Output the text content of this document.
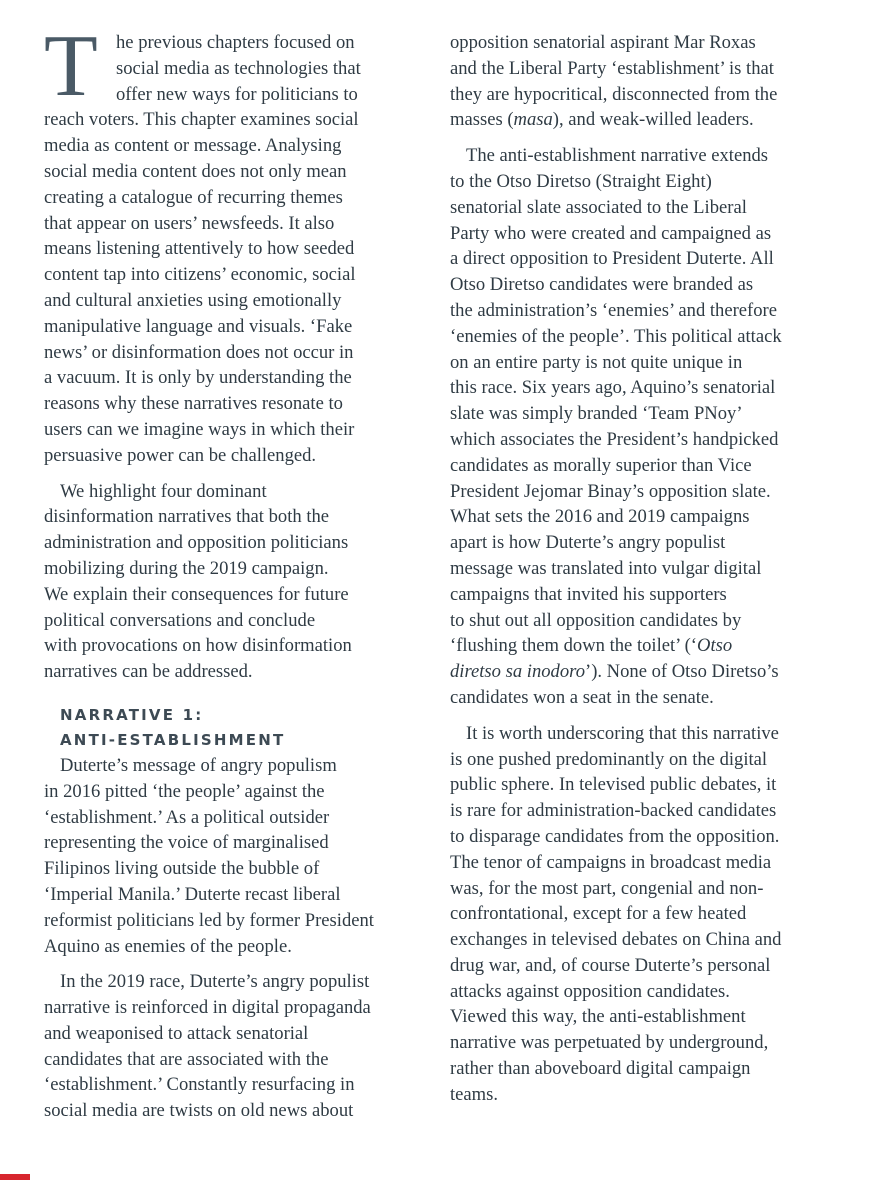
T he previous chapters focused on
social media as technologies that
offer new ways for politicians to
reach voters. This chapter examines social
media as content or message. Analysing
social media content does not only mean
creating a catalogue of recurring themes
that appear on users’ newsfeeds. It also
means listening attentively to how seeded
content tap into citizens’ economic, social
and cultural anxieties using emotionally
manipulative language and visuals. ‘Fake
news’ or disinformation does not occur in
a vacuum. It is only by understanding the
reasons why these narratives resonate to
users can we imagine ways in which their
persuasive power can be challenged.
We highlight four dominant
disinformation narratives that both the
administration and opposition politicians
mobilizing during the 2019 campaign.
We explain their consequences for future
political conversations and conclude
with provocations on how disinformation
narratives can be addressed.
NARRATIVE 1:
ANTI-ESTABLISHMENT
Duterte’s message of angry populism
in 2016 pitted ‘the people’ against the
‘establishment.’ As a political outsider
representing the voice of marginalised
Filipinos living outside the bubble of
‘Imperial Manila.’ Duterte recast liberal
reformist politicians led by former President
Aquino as enemies of the people.
In the 2019 race, Duterte’s angry populist
narrative is reinforced in digital propaganda
and weaponised to attack senatorial
candidates that are associated with the
‘establishment.’ Constantly resurfacing in
social media are twists on old news about
opposition senatorial aspirant Mar Roxas
and the Liberal Party ‘establishment’ is that
they are hypocritical, disconnected from the
masses (masa), and weak-willed leaders.
The anti-establishment narrative extends
to the Otso Diretso (Straight Eight)
senatorial slate associated to the Liberal
Party who were created and campaigned as
a direct opposition to President Duterte. All
Otso Diretso candidates were branded as
the administration’s ‘enemies’ and therefore
‘enemies of the people’. This political attack
on an entire party is not quite unique in
this race. Six years ago, Aquino’s senatorial
slate was simply branded ‘Team PNoy’
which associates the President’s handpicked
candidates as morally superior than Vice
President Jejomar Binay’s opposition slate.
What sets the 2016 and 2019 campaigns
apart is how Duterte’s angry populist
message was translated into vulgar digital
campaigns that invited his supporters
to shut out all opposition candidates by
‘flushing them down the toilet’ (‘Otso
diretso sa inodoro’). None of Otso Diretso’s
candidates won a seat in the senate.
It is worth underscoring that this narrative
is one pushed predominantly on the digital
public sphere. In televised public debates, it
is rare for administration-backed candidates
to disparage candidates from the opposition.
The tenor of campaigns in broadcast media
was, for the most part, congenial and non-
confrontational, except for a few heated
exchanges in televised debates on China and
drug war, and, of course Duterte’s personal
attacks against opposition candidates.
Viewed this way, the anti-establishment
narrative was perpetuated by underground,
rather than aboveboard digital campaign
teams.
